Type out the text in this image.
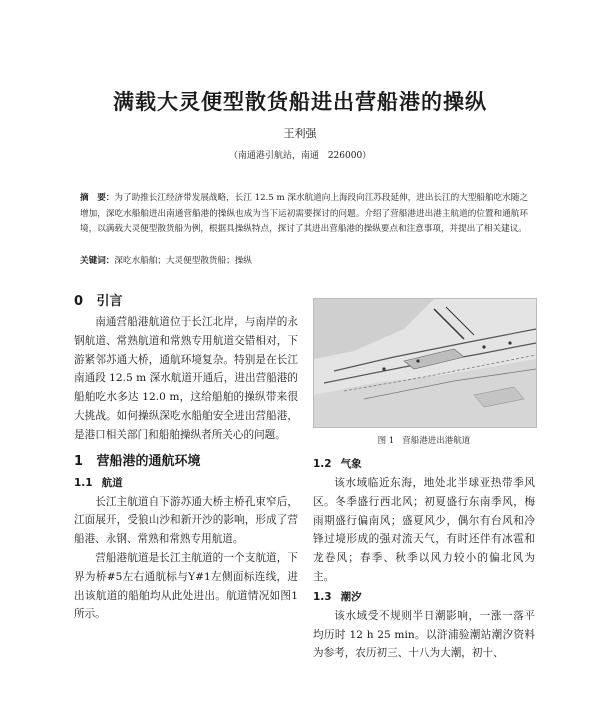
满载大灵便型散货船进出营船港的操纵
王利强
（南通港引航站，南通　226000）
摘　要：为了助推长江经济带发展战略，长江 12.5 m 深水航道向上海段向江苏段延伸，进出长江的大型船舶吃水随之增加，深吃水船舶进出南通营船港的操纵也成为当下运初需要探讨的问题。介绍了营船港进出港主航道的位置和通航环境，以满载大灵便型散货船为例，根据具操纵特点，探讨了其进出营船港的操纵要点和注意事项，并提出了相关建议。
关键词：深吃水船舶；大灵便型散货船；操纵
0 引言

南通营船港航道位于长江北岸，与南岸的永钢航道、常熟航道和常熟专用航道交错相对，下游紧邻苏通大桥，通航环境复杂。特别是在长江南通段 12.5 m 深水航道开通后，进出营船港的船舶吃水多达 12.0 m，这给船舶的操纵带来很大挑战。如何操纵深吃水船舶安全进出营船港，是港口相关部门和船舶操纵者所关心的问题。

1 营船港的通航环境
1.1 航道

长江主航道自下游苏通大桥主桥孔束窄后，江面展开，受狼山沙和新开沙的影响，形成了营船港、永钢、常熟和常熟专用航道。

营船港航道是长江主航道的一个支航道，下界为桥#5左右通航标与Y#1左侧面标连线，进出该航道的船舶均从此处进出。航道情况如图1所示。

图 1 营船港进出港航道
1.2 气象

该水域临近东海，地处北半球亚热带季风区。冬季盛行西北风；初夏盛行东南季风，梅雨期盛行偏南风；盛夏风少，偶尔有台风和冷锋过境形成的强对流天气，有时还伴有冰雹和龙卷风；春季、秋季以风力较小的偏北风为主。

1.3 潮汐

该水域受不规则半日潮影响，一涨一落平均历时 12 h 25 min。以浒浦验潮站潮汐资料为参考，农历初三、十八为大潮，初十、
